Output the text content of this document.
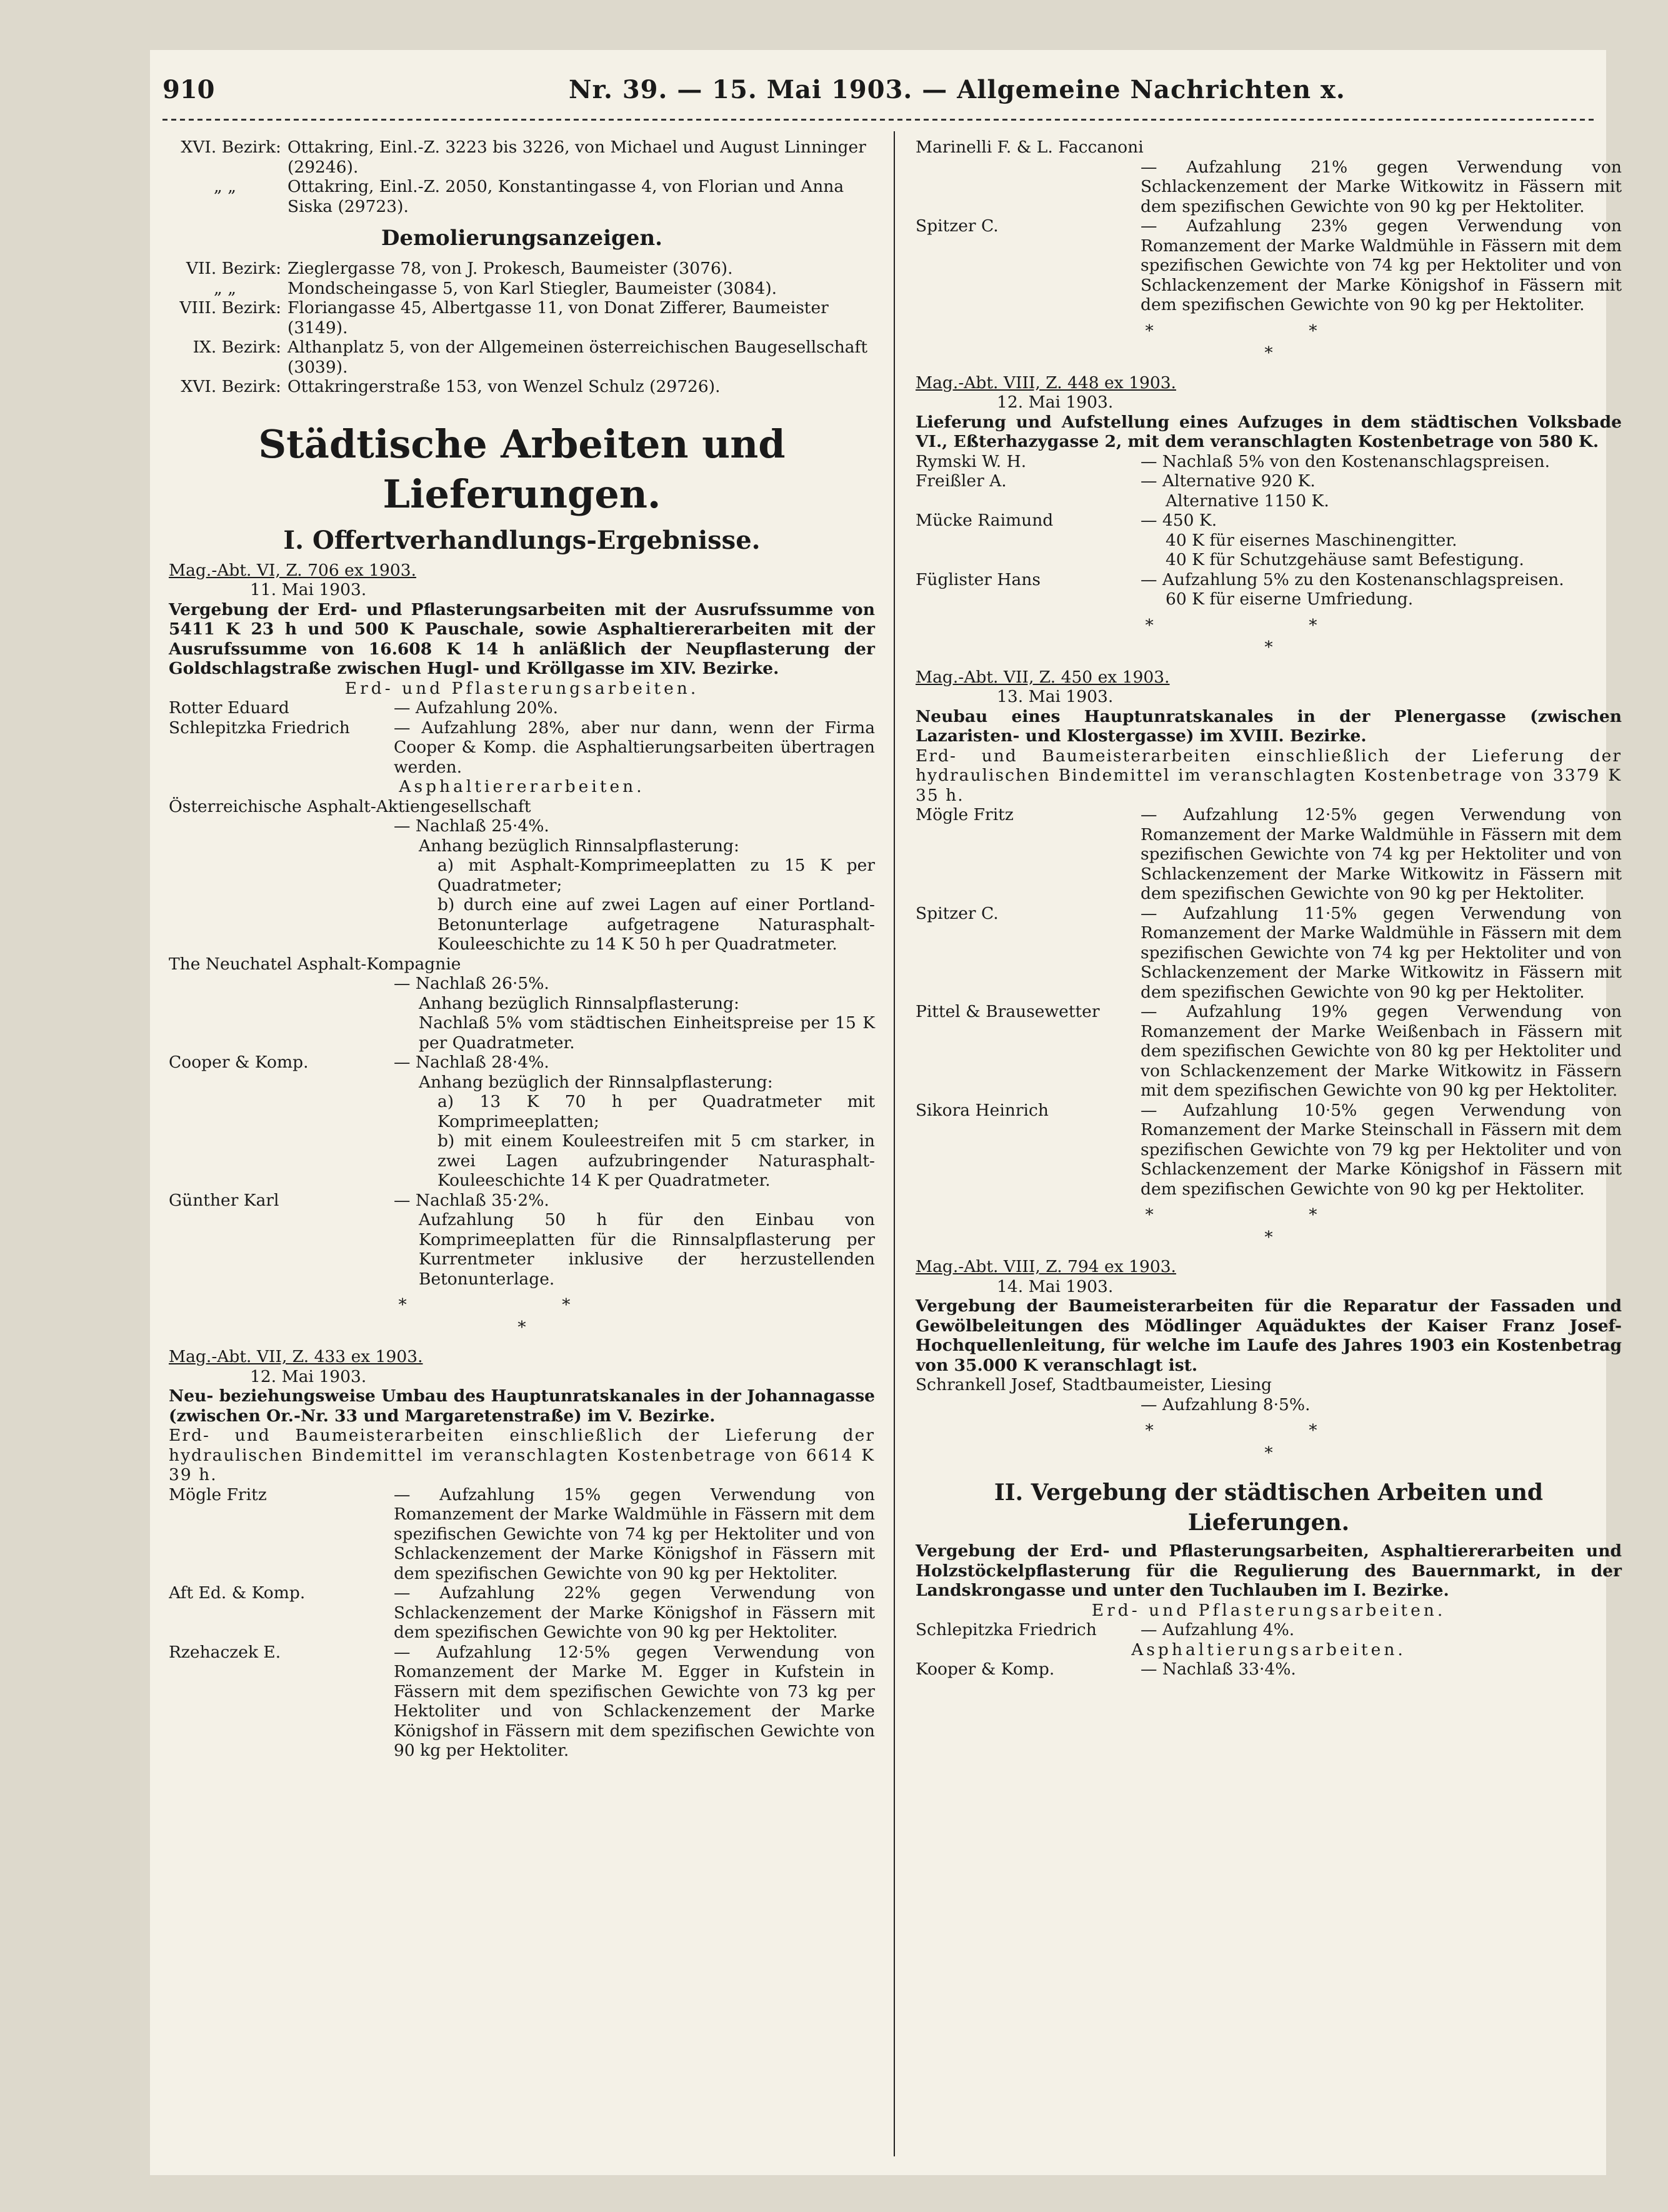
910	Nr. 39. — 15. Mai 1903. — Allgemeine Nachrichten x.
XVI. Bezirk: Ottakring, Einl.-Z. 3223 bis 3226, von Michael und August Linninger (29246).
„ „	Ottakring, Einl.-Z. 2050, Konstantingasse 4, von Florian und Anna Siska (29723).
Demolierungsanzeigen.
VII. Bezirk: Zieglergasse 78, von J. Prokesch, Baumeister (3076).
„ „	Mondscheingasse 5, von Karl Stiegler, Baumeister (3084).
VIII. Bezirk: Floriangasse 45, Albertgasse 11, von Donat Zifferer, Baumeister (3149).
IX. Bezirk: Althanplatz 5, von der Allgemeinen österreichischen Baugesellschaft (3039).
XVI. Bezirk: Ottakringerstraße 153, von Wenzel Schulz (29726).
Städtische Arbeiten und Lieferungen.
I. Offertverhandlungs-Ergebnisse.

Mag.-Abt. VI, Z. 706 ex 1903.

11. Mai 1903.

Vergebung der Erd- und Pflasterungsarbeiten mit der Ausrufssumme von 5411 K 23 h und 500 K Pauschale, sowie Asphaltiererarbeiten mit der Ausrufssumme von 16.608 K 14 h anläßlich der Neupflasterung der Goldschlagstraße zwischen Hugl- und Kröllgasse im XIV. Bezirke.

Erd- und Pflasterungsarbeiten.

Rotter Eduard	— Aufzahlung 20%.
Schlepitzka Friedrich	— Aufzahlung 28%, aber nur dann, wenn der Firma Cooper & Komp. die Asphaltierungsarbeiten übertragen werden.

Asphaltiererarbeiten.

Österreichische Asphalt-Aktiengesellschaft

— Nachlaß 25·4%.

Anhang bezüglich Rinnsalpflasterung:

a) mit Asphalt-Komprimeeplatten zu 15 K per Quadratmeter;

b) durch eine auf zwei Lagen auf einer Portland-Betonunterlage aufgetragene Naturasphalt-Kouleeschichte zu 14 K 50 h per Quadratmeter.

The Neuchatel Asphalt-Kompagnie

— Nachlaß 26·5%.

Anhang bezüglich Rinnsalpflasterung:

Nachlaß 5% vom städtischen Einheitspreise per 15 K per Quadratmeter.

Cooper & Komp.	— Nachlaß 28·4%.

Anhang bezüglich der Rinnsalpflasterung:

a) 13 K 70 h per Quadratmeter mit Komprimeeplatten;

b) mit einem Kouleestreifen mit 5 cm starker, in zwei Lagen aufzubringender Naturasphalt-Kouleeschichte 14 K per Quadratmeter.

Günther Karl	— Nachlaß 35·2%.

Aufzahlung 50 h für den Einbau von Komprimeeplatten für die Rinnsalpflasterung per Kurrentmeter inklusive der herzustellenden Betonunterlage.

* *
*

Mag.-Abt. VII, Z. 433 ex 1903.

12. Mai 1903.

Neu- beziehungsweise Umbau des Hauptunratskanales in der Johannagasse (zwischen Or.-Nr. 33 und Margaretenstraße) im V. Bezirke.

Erd- und Baumeisterarbeiten einschließlich der Lieferung der hydraulischen Bindemittel im veranschlagten Kostenbetrage von 6614 K 39 h.

Mögle Fritz	— Aufzahlung 15% gegen Verwendung von Romanzement der Marke Waldmühle in Fässern mit dem spezifischen Gewichte von 74 kg per Hektoliter und von Schlackenzement der Marke Königshof in Fässern mit dem spezifischen Gewichte von 90 kg per Hektoliter.
Aft Ed. & Komp.	— Aufzahlung 22% gegen Verwendung von Schlackenzement der Marke Königshof in Fässern mit dem spezifischen Gewichte von 90 kg per Hektoliter.
Rzehaczek E.	— Aufzahlung 12·5% gegen Verwendung von Romanzement der Marke M. Egger in Kufstein in Fässern mit dem spezifischen Gewichte von 73 kg per Hektoliter und von Schlackenzement der Marke Königshof in Fässern mit dem spezifischen Gewichte von 90 kg per Hektoliter.

Marinelli F. & L. Faccanoni

— Aufzahlung 21% gegen Verwendung von Schlackenzement der Marke Witkowitz in Fässern mit dem spezifischen Gewichte von 90 kg per Hektoliter.
Spitzer C.	— Aufzahlung 23% gegen Verwendung von Romanzement der Marke Waldmühle in Fässern mit dem spezifischen Gewichte von 74 kg per Hektoliter und von Schlackenzement der Marke Königshof in Fässern mit dem spezifischen Gewichte von 90 kg per Hektoliter.
* *
*

Mag.-Abt. VIII, Z. 448 ex 1903.

12. Mai 1903.

Lieferung und Aufstellung eines Aufzuges in dem städtischen Volksbade VI., Eßterhazygasse 2, mit dem veranschlagten Kostenbetrage von 580 K.

Rymski W. H.	— Nachlaß 5% von den Kostenanschlagspreisen.
Freißler A.	— Alternative 920 K.
Alternative 1150 K.
Mücke Raimund	— 450 K.
40 K für eisernes Maschinengitter.
40 K für Schutzgehäuse samt Befestigung.
Füglister Hans	— Aufzahlung 5% zu den Kostenanschlagspreisen.
60 K für eiserne Umfriedung.
* *
*

Mag.-Abt. VII, Z. 450 ex 1903.

13. Mai 1903.

Neubau eines Hauptunratskanales in der Plenergasse (zwischen Lazaristen- und Klostergasse) im XVIII. Bezirke.

Erd- und Baumeisterarbeiten einschließlich der Lieferung der hydraulischen Bindemittel im veranschlagten Kostenbetrage von 3379 K 35 h.

Mögle Fritz	— Aufzahlung 12·5% gegen Verwendung von Romanzement der Marke Waldmühle in Fässern mit dem spezifischen Gewichte von 74 kg per Hektoliter und von Schlackenzement der Marke Witkowitz in Fässern mit dem spezifischen Gewichte von 90 kg per Hektoliter.
Spitzer C.	— Aufzahlung 11·5% gegen Verwendung von Romanzement der Marke Waldmühle in Fässern mit dem spezifischen Gewichte von 74 kg per Hektoliter und von Schlackenzement der Marke Witkowitz in Fässern mit dem spezifischen Gewichte von 90 kg per Hektoliter.
Pittel & Brausewetter	— Aufzahlung 19% gegen Verwendung von Romanzement der Marke Weißenbach in Fässern mit dem spezifischen Gewichte von 80 kg per Hektoliter und von Schlackenzement der Marke Witkowitz in Fässern mit dem spezifischen Gewichte von 90 kg per Hektoliter.
Sikora Heinrich	— Aufzahlung 10·5% gegen Verwendung von Romanzement der Marke Steinschall in Fässern mit dem spezifischen Gewichte von 79 kg per Hektoliter und von Schlackenzement der Marke Königshof in Fässern mit dem spezifischen Gewichte von 90 kg per Hektoliter.
* *
*

Mag.-Abt. VIII, Z. 794 ex 1903.

14. Mai 1903.

Vergebung der Baumeisterarbeiten für die Reparatur der Fassaden und Gewölbeleitungen des Mödlinger Aquäduktes der Kaiser Franz Josef-Hochquellenleitung, für welche im Laufe des Jahres 1903 ein Kostenbetrag von 35.000 K veranschlagt ist.

Schrankell Josef, Stadtbaumeister, Liesing

— Aufzahlung 8·5%.

* *
*
II. Vergebung der städtischen Arbeiten und Lieferungen.

Vergebung der Erd- und Pflasterungsarbeiten, Asphaltiererarbeiten und Holzstöckelpflasterung für die Regulierung des Bauernmarkt, in der Landskrongasse und unter den Tuchlauben im I. Bezirke.

Erd- und Pflasterungsarbeiten.

Schlepitzka Friedrich	— Aufzahlung 4%.

Asphaltierungsarbeiten.

Kooper & Komp.	— Nachlaß 33·4%.
